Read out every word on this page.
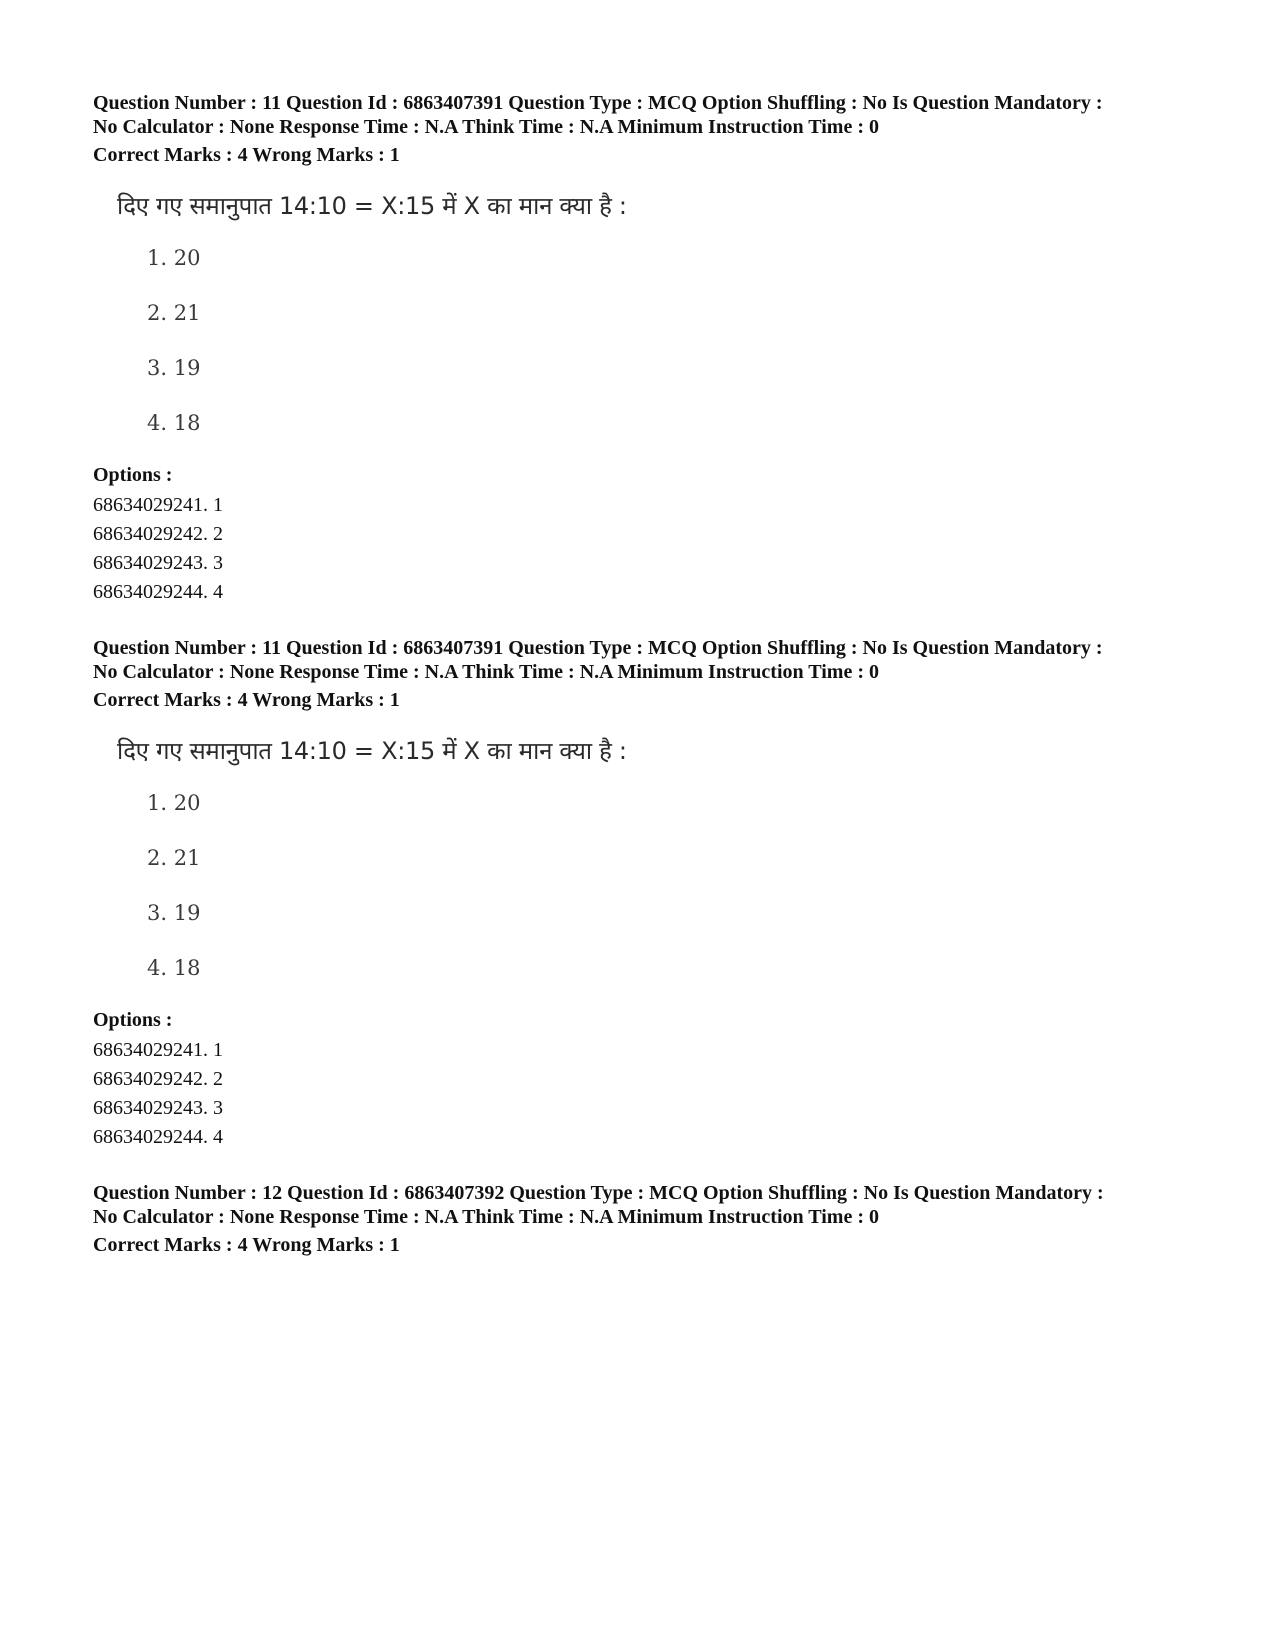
Question Number : 11 Question Id : 6863407391 Question Type : MCQ Option Shuffling : No Is Question Mandatory :
No Calculator : None Response Time : N.A Think Time : N.A Minimum Instruction Time : 0
Correct Marks : 4 Wrong Marks : 1
दिए गए समानुपात 14:10 = X:15 में X का मान क्या है :
1. 20
2. 21
3. 19
4. 18
Options :
68634029241. 1
68634029242. 2
68634029243. 3
68634029244. 4
Question Number : 11 Question Id : 6863407391 Question Type : MCQ Option Shuffling : No Is Question Mandatory :
No Calculator : None Response Time : N.A Think Time : N.A Minimum Instruction Time : 0
Correct Marks : 4 Wrong Marks : 1
दिए गए समानुपात 14:10 = X:15 में X का मान क्या है :
1. 20
2. 21
3. 19
4. 18
Options :
68634029241. 1
68634029242. 2
68634029243. 3
68634029244. 4
Question Number : 12 Question Id : 6863407392 Question Type : MCQ Option Shuffling : No Is Question Mandatory :
No Calculator : None Response Time : N.A Think Time : N.A Minimum Instruction Time : 0
Correct Marks : 4 Wrong Marks : 1
